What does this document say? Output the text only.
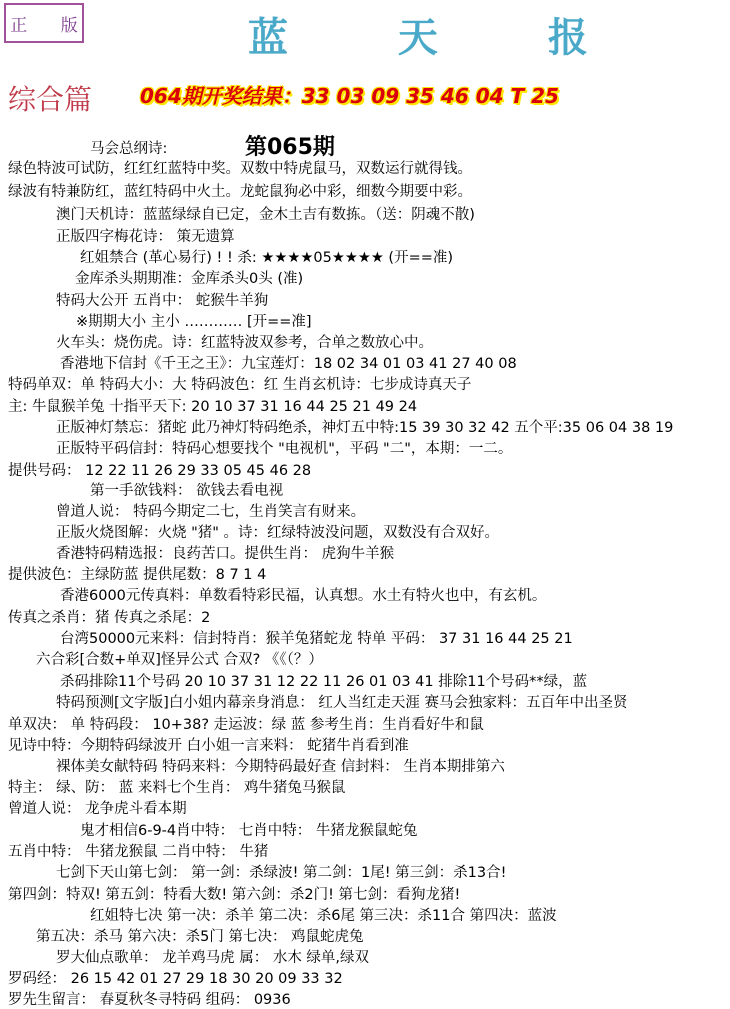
正 版	蓝 天 报
综合篇 064期开奖结果：33 03 09 35 46 04 T 25
第065期
马会总纲诗:
绿色特波可试防，红红红蓝特中奖。双数中特虎鼠马，双数运行就得钱。
绿波有特兼防红，蓝红特码中火土。龙蛇鼠狗必中彩，细数今期要中彩。
澳门天机诗：蓝蓝绿绿自已定，金木土吉有数拣。（送：阴魂不散)
正版四字梅花诗： 策无遗算
红姐禁合 (革心易行) ! ! 杀: ★★★★05★★★★ (开==准)
金库杀头期期准：金库杀头0头 (准)
特码大公开 五肖中： 蛇猴牛羊狗
※期期大小 主小 ………… [开==准]
火车头：烧伤虎。诗：红蓝特波双参考，合单之数放心中。
香港地下信封《千王之王》：九宝莲灯：18 02 34 01 03 41 27 40 08
特码单双：单 特码大小：大 特码波色：红 生肖玄机诗：七步成诗真天子
主: 牛鼠猴羊兔 十指平天下: 20 10 37 31 16 44 25 21 49 24
正版神灯禁忘：猪蛇 此乃神灯特码绝杀，神灯五中特:15 39 30 32 42 五个平:35 06 04 38 19
正版特平码信封：特码心想要找个 "电视机"，平码 "二"，本期：一二。
提供号码： 12 22 11 26 29 33 05 45 46 28
第一手欲钱料： 欲钱去看电视
曾道人说： 特码今期定二七，生肖笑言有财来。
正版火烧图解：火烧 "猪" 。诗：红绿特波没问题，双数没有合双好。
香港特码精选报：良药苦口。提供生肖： 虎狗牛羊猴
提供波色：主绿防蓝 提供尾数：8 7 1 4
香港6000元传真料：单数看特彩民福，认真想。水土有特火也中，有玄机。
传真之杀肖：猪 传真之杀尾：2
台湾50000元来料：信封特肖：猴羊兔猪蛇龙 特单 平码： 37 31 16 44 25 21
六合彩[合数+单双]怪异公式 合双? 《《（？）
杀码排除11个号码 20 10 37 31 12 22 11 26 01 03 41 排除11个号码**绿，蓝
特码预测[文字版]白小姐内幕亲身消息： 红人当红走天涯 赛马会独家料：五百年中出圣贤
单双决： 单 特码段： 10+38? 走运波：绿 蓝 参考生肖：生肖看好牛和鼠
见诗中特：今期特码绿波开 白小姐一言来料： 蛇猪牛肖看到准
裸体美女献特码 特码来料：今期特码最好查 信封料： 生肖本期排第六
特主： 绿、防： 蓝 来料七个生肖： 鸡牛猪兔马猴鼠
曾道人说： 龙争虎斗看本期
鬼才相信6-9-4肖中特： 七肖中特： 牛猪龙猴鼠蛇兔
五肖中特： 牛猪龙猴鼠 二肖中特： 牛猪
七剑下天山第七剑： 第一剑：杀绿波! 第二剑：1尾! 第三剑：杀13合!
第四剑：特双! 第五剑：特看大数! 第六剑：杀2门! 第七剑：看狗龙猪!
红姐特七决 第一决：杀羊 第二决：杀6尾 第三决：杀11合 第四决：蓝波
第五决：杀马 第六决：杀5门 第七决： 鸡鼠蛇虎兔
罗大仙点歌单： 龙羊鸡马虎 属： 水木 绿单,绿双
罗码经： 26 15 42 01 27 29 18 30 20 09 33 32
罗先生留言： 春夏秋冬寻特码 组码： 0936
